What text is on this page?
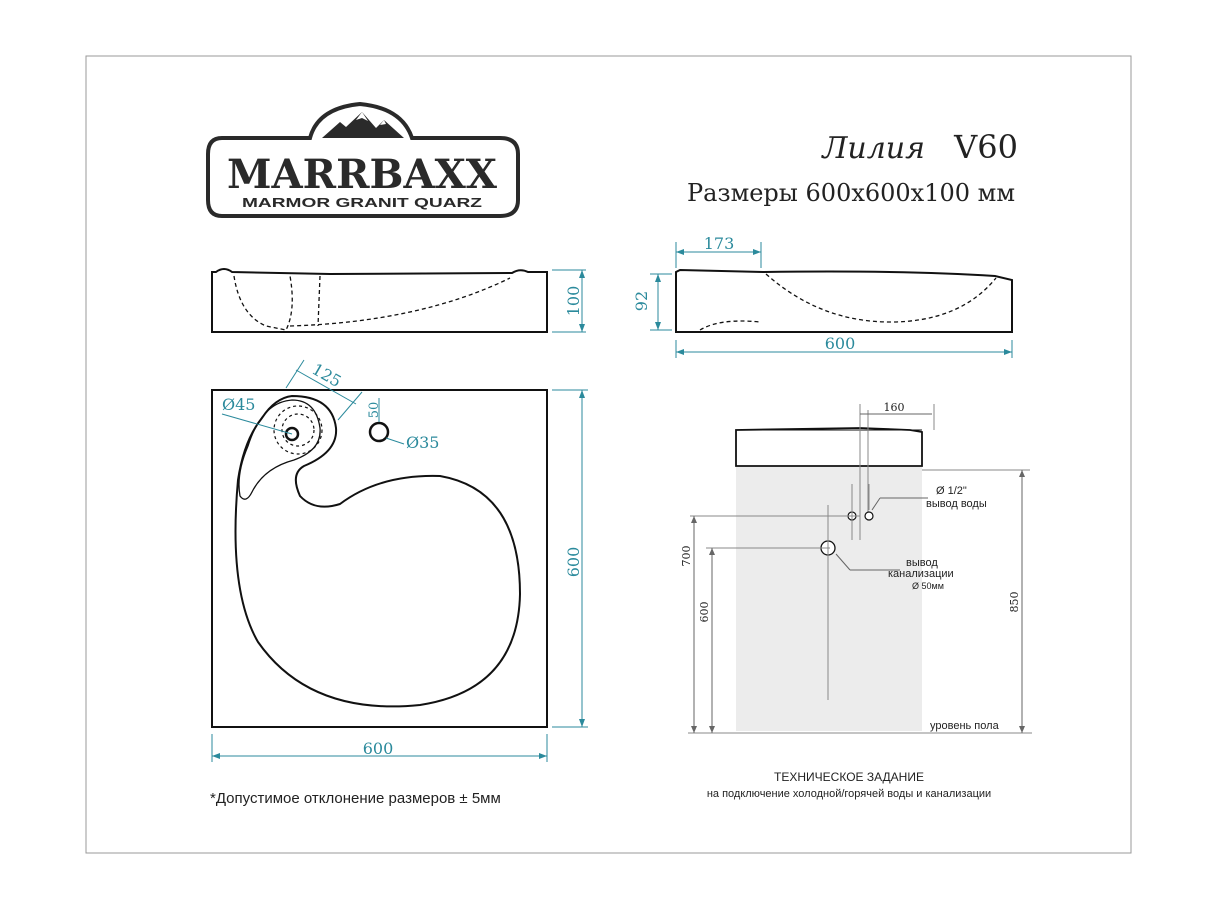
MARRBAXX
MARMOR GRANIT QUARZ
Лилия V60
Размеры 600х600х100 мм
100
173
92
600
125
Ø45	50
Ø35
600
600
*Допустимое отклонение размеров ± 5мм
160
Ø 1/2"
вывод воды
вывод
канализации
Ø 50мм
700
600	850
уровень пола
ТЕХНИЧЕСКОЕ ЗАДАНИЕ
на подключение холодной/горячей воды и канализации
